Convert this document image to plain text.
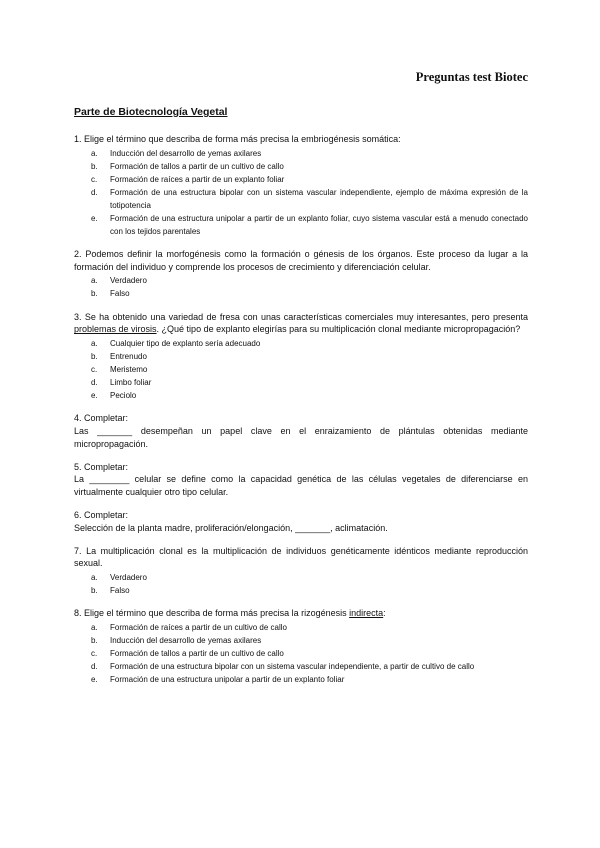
Preguntas test Biotec
Parte de Biotecnología Vegetal

1. Elige el término que describa de forma más precisa la embriogénesis somática:

a. Inducción del desarrollo de yemas axilares
b. Formación de tallos a partir de un cultivo de callo
c. Formación de raíces a partir de un explanto foliar
d. Formación de una estructura bipolar con un sistema vascular independiente, ejemplo de máxima expresión de la totipotencia
e. Formación de una estructura unipolar a partir de un explanto foliar, cuyo sistema vascular está a menudo conectado con los tejidos parentales

2. Podemos definir la morfogénesis como la formación o génesis de los órganos. Este proceso da lugar a la formación del individuo y comprende los procesos de crecimiento y diferenciación celular.

a. Verdadero
b. Falso

3. Se ha obtenido una variedad de fresa con unas características comerciales muy interesantes, pero presenta problemas de virosis. ¿Qué tipo de explanto elegirías para su multiplicación clonal mediante micropropagación?

a. Cualquier tipo de explanto sería adecuado
b. Entrenudo
c. Meristemo
d. Limbo foliar
e. Peciolo

4. Completar:

Las _______ desempeñan un papel clave en el enraizamiento de plántulas obtenidas mediante micropropagación.

5. Completar:

La ________ celular se define como la capacidad genética de las células vegetales de diferenciarse en virtualmente cualquier otro tipo celular.

6. Completar:

Selección de la planta madre, proliferación/elongación, _______, aclimatación.

7. La multiplicación clonal es la multiplicación de individuos genéticamente idénticos mediante reproducción sexual.

a. Verdadero
b. Falso

8. Elige el término que describa de forma más precisa la rizogénesis indirecta:

a. Formación de raíces a partir de un cultivo de callo
b. Inducción del desarrollo de yemas axilares
c. Formación de tallos a partir de un cultivo de callo
d. Formación de una estructura bipolar con un sistema vascular independiente, a partir de cultivo de callo
e. Formación de una estructura unipolar a partir de un explanto foliar
